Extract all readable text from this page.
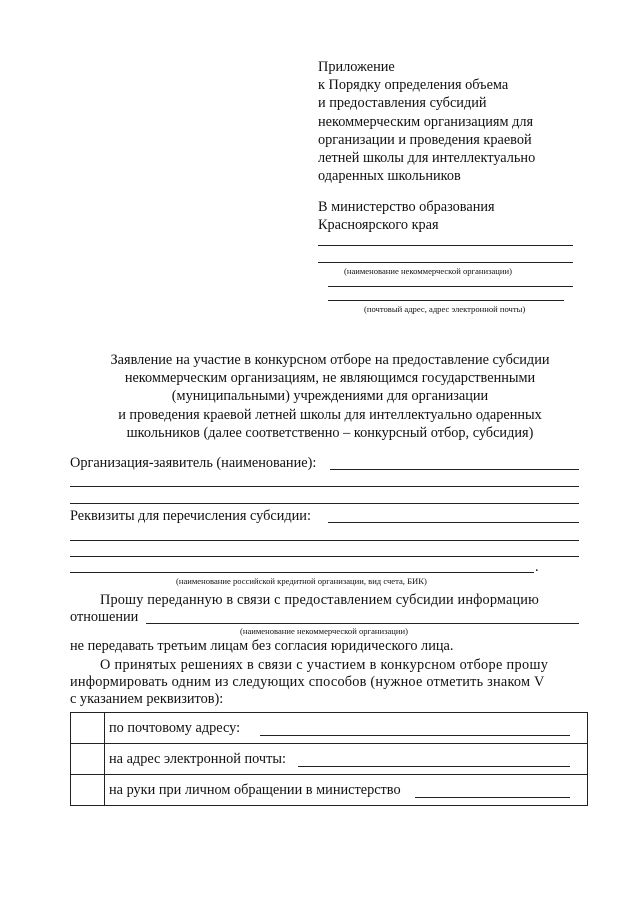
Приложение
к Порядку определения объема
и предоставления субсидий
некоммерческим организациям для
организации и проведения краевой
летней школы для интеллектуально
одаренных школьников
В министерство образования
Красноярского края
(наименование некоммерческой организации)
(почтовый адрес, адрес электронной почты)
Заявление на участие в конкурсном отборе на предоставление субсидии
некоммерческим организациям, не являющимся государственными
(муниципальными) учреждениями для организации
и проведения краевой летней школы для интеллектуально одаренных
школьников (далее соответственно – конкурсный отбор, субсидия)
Организация-заявитель (наименование):
Реквизиты для перечисления субсидии:
.
(наименование российской кредитной организации, вид счета, БИК)
Прошу переданную в связи с предоставлением субсидии информацию
отношении
(наименование некоммерческой организации)
не передавать третьим лицам без согласия юридического лица.
О принятых решениях в связи с участием в конкурсном отборе прошу
информировать одним из следующих способов (нужное отметить знаком V
с указанием реквизитов):

	по почтовому адресу:

	на адрес электронной почты:

	на руки при личном обращении в министерство
